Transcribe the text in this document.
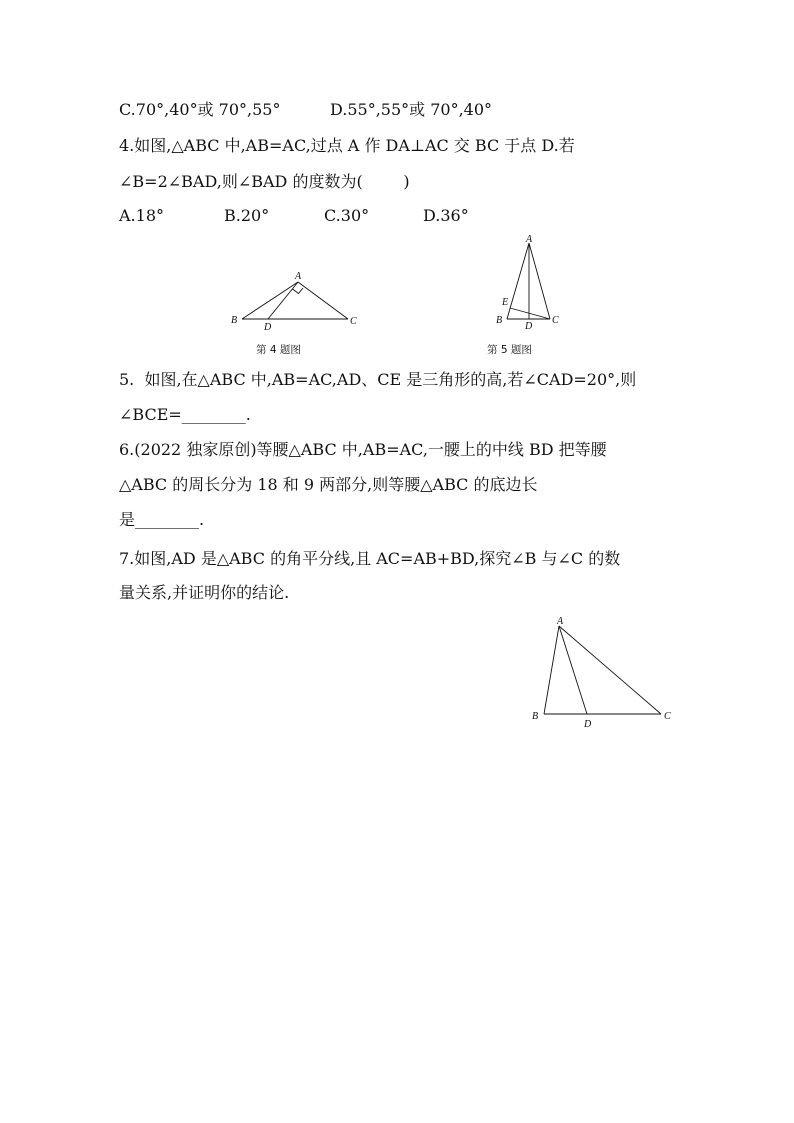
C.70°,40°或 70°,55°	D.55°,55°或 70°,40°
4.如图,△ABC 中,AB=AC,过点 A 作 DA⊥AC 交 BC 于点 D.若
∠B=2∠BAD,则∠BAD 的度数为(        )
A.18°	B.20°	C.30°	D.36°
A
B	C
D
第 4 题图
A
B	C
D
E
第 5 题图
5.  如图,在△ABC 中,AB=AC,AD、CE 是三角形的高,若∠CAD=20°,则
∠BCE=________.
6.(2022 独家原创)等腰△ABC 中,AB=AC,一腰上的中线 BD 把等腰
△ABC 的周长分为 18 和 9 两部分,则等腰△ABC 的底边长
是________.
7.如图,AD 是△ABC 的角平分线,且 AC=AB+BD,探究∠B 与∠C 的数
量关系,并证明你的结论.
A
B	C
D
